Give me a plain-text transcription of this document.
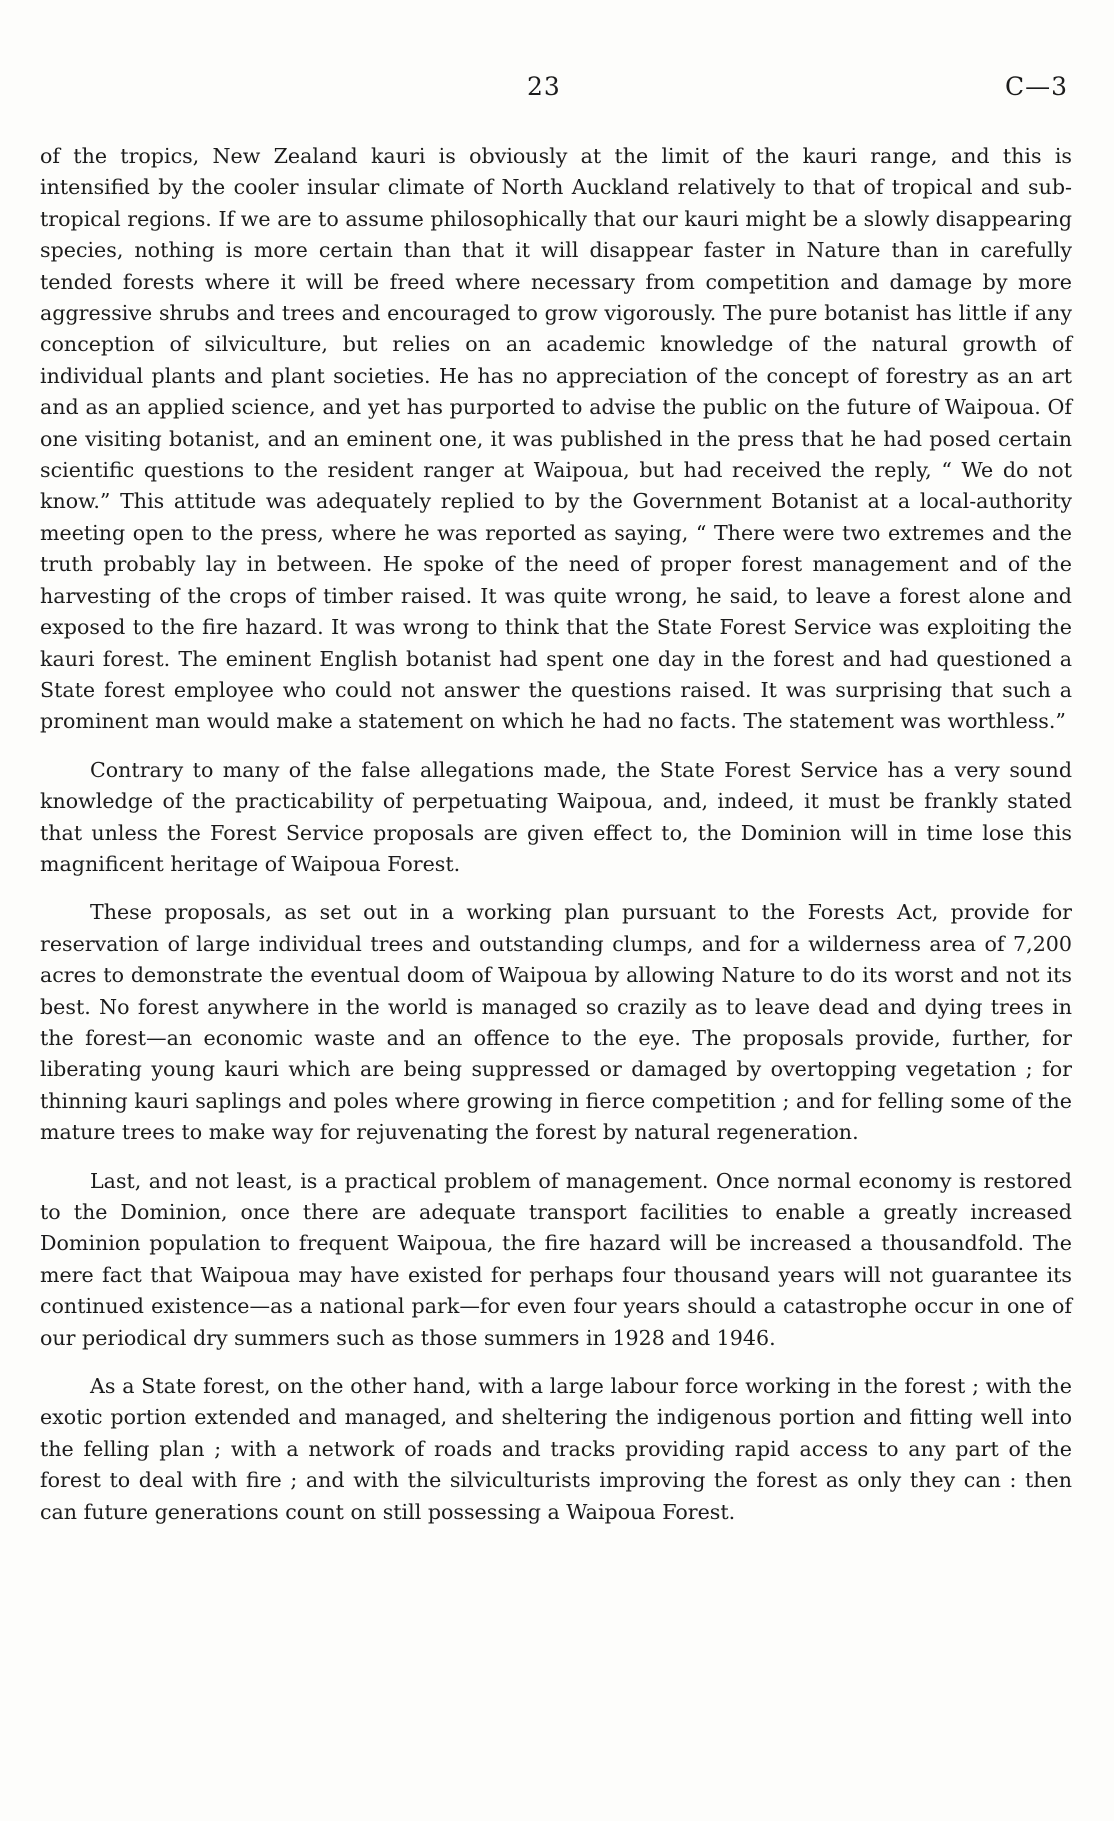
23	C—3

of the tropics, New Zealand kauri is obviously at the limit of the kauri range, and this is intensified by the cooler insular climate of North Auckland relatively to that of tropical and sub-tropical regions. If we are to assume philosophically that our kauri might be a slowly disappearing species, nothing is more certain than that it will disappear faster in Nature than in carefully tended forests where it will be freed where necessary from competition and damage by more aggressive shrubs and trees and encouraged to grow vigorously. The pure botanist has little if any conception of silviculture, but relies on an academic knowledge of the natural growth of individual plants and plant societies. He has no appreciation of the concept of forestry as an art and as an applied science, and yet has purported to advise the public on the future of Waipoua. Of one visiting botanist, and an eminent one, it was published in the press that he had posed certain scientific questions to the resident ranger at Waipoua, but had received the reply, “ We do not know.” This attitude was adequately replied to by the Government Botanist at a local-authority meeting open to the press, where he was reported as saying, “ There were two extremes and the truth probably lay in between. He spoke of the need of proper forest management and of the harvesting of the crops of timber raised. It was quite wrong, he said, to leave a forest alone and exposed to the fire hazard. It was wrong to think that the State Forest Service was exploiting the kauri forest. The eminent English botanist had spent one day in the forest and had questioned a State forest employee who could not answer the questions raised. It was surprising that such a prominent man would make a statement on which he had no facts. The statement was worthless.”

Contrary to many of the false allegations made, the State Forest Service has a very sound knowledge of the practicability of perpetuating Waipoua, and, indeed, it must be frankly stated that unless the Forest Service proposals are given effect to, the Dominion will in time lose this magnificent heritage of Waipoua Forest.

These proposals, as set out in a working plan pursuant to the Forests Act, provide for reservation of large individual trees and outstanding clumps, and for a wilderness area of 7,200 acres to demonstrate the eventual doom of Waipoua by allowing Nature to do its worst and not its best. No forest anywhere in the world is managed so crazily as to leave dead and dying trees in the forest—an economic waste and an offence to the eye. The proposals provide, further, for liberating young kauri which are being suppressed or damaged by overtopping vegetation ; for thinning kauri saplings and poles where growing in fierce competition ; and for felling some of the mature trees to make way for rejuvenating the forest by natural regeneration.

Last, and not least, is a practical problem of management. Once normal economy is restored to the Dominion, once there are adequate transport facilities to enable a greatly increased Dominion population to frequent Waipoua, the fire hazard will be increased a thousandfold. The mere fact that Waipoua may have existed for perhaps four thousand years will not guarantee its continued existence—as a national park—for even four years should a catastrophe occur in one of our periodical dry summers such as those summers in 1928 and 1946.

As a State forest, on the other hand, with a large labour force working in the forest ; with the exotic portion extended and managed, and sheltering the indigenous portion and fitting well into the felling plan ; with a network of roads and tracks providing rapid access to any part of the forest to deal with fire ; and with the silviculturists improving the forest as only they can : then can future generations count on still possessing a Waipoua Forest.
